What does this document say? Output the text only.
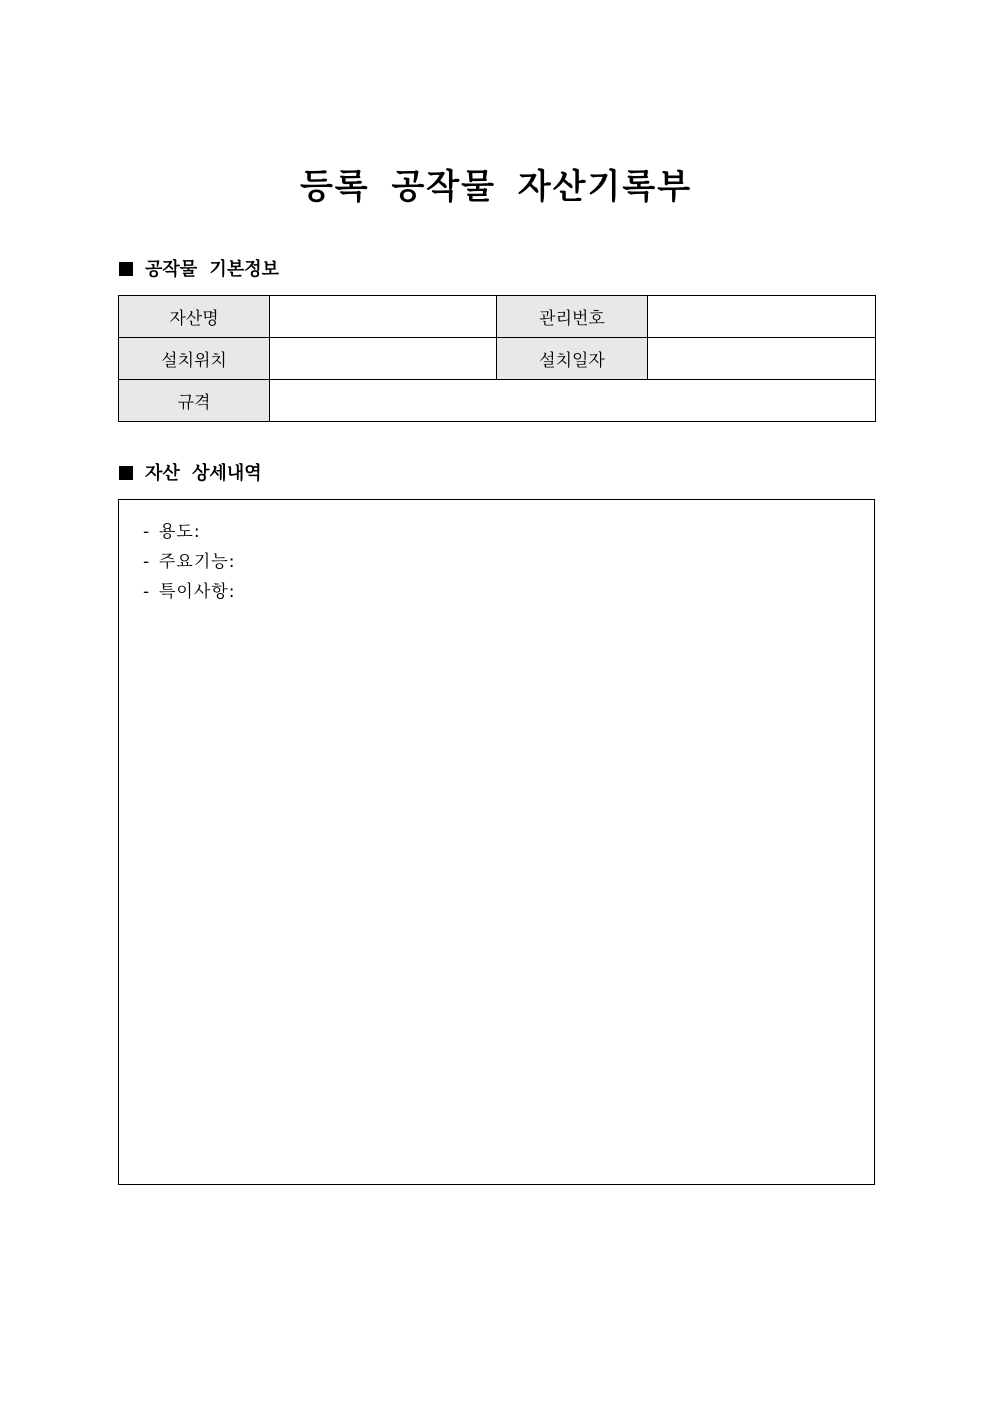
등록 공작물 자산기록부
공작물 기본정보
자산명		관리번호	
설치위치		설치일자	
규격			
자산 상세내역
- 용도:
- 주요기능:
- 특이사항:
